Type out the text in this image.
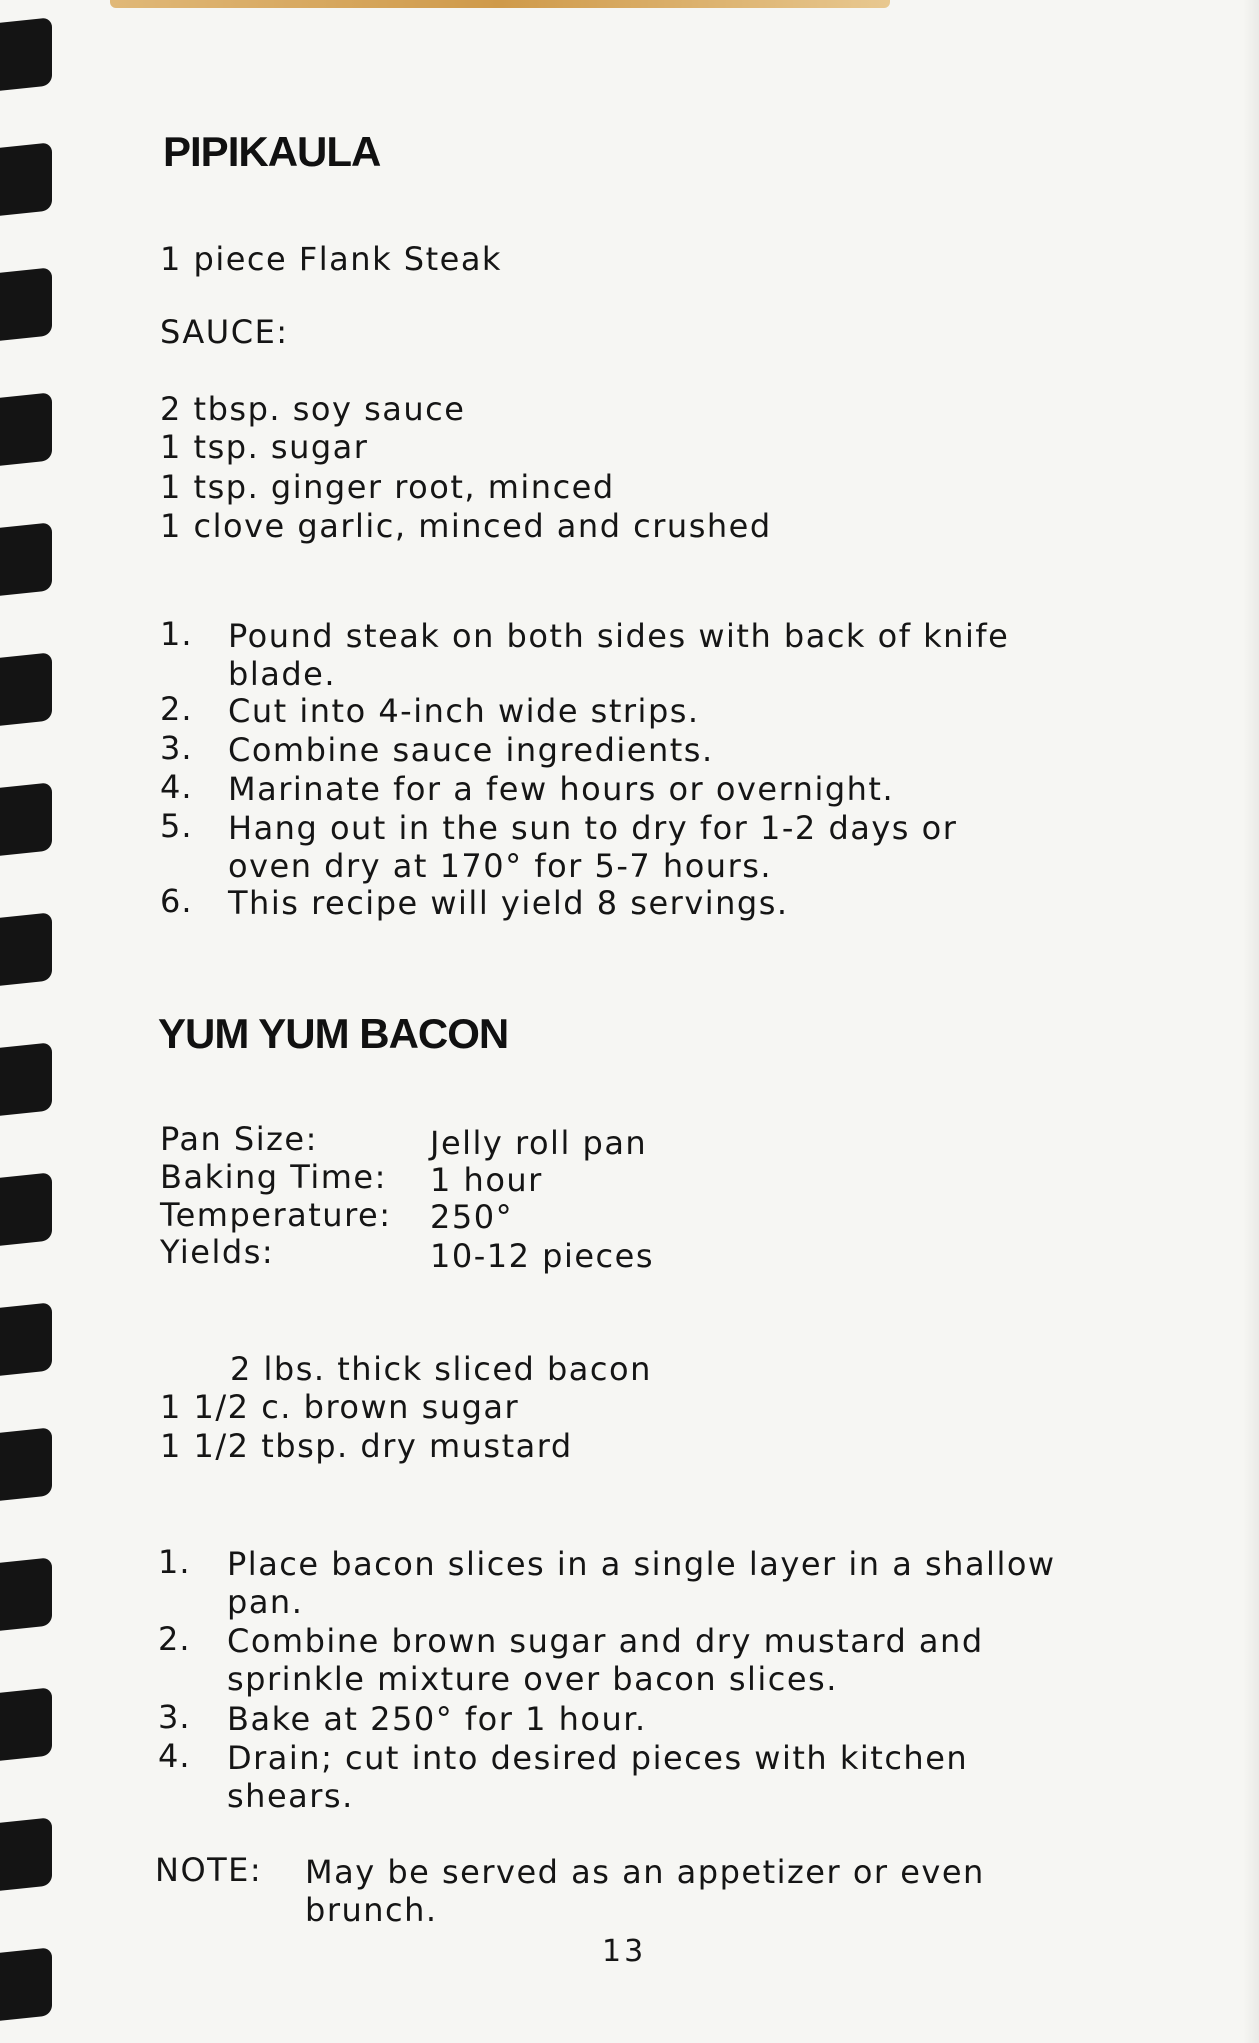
PIPIKAULA
1 piece Flank Steak
SAUCE:
2 tbsp. soy sauce
1 tsp. sugar
1 tsp. ginger root, minced
1 clove garlic, minced and crushed
1. Pound steak on both sides with back of knife blade.
2. Cut into 4-inch wide strips.
3. Combine sauce ingredients.
4. Marinate for a few hours or overnight.
5. Hang out in the sun to dry for 1-2 days or oven dry at 170° for 5-7 hours.
6. This recipe will yield 8 servings.
YUM YUM BACON
Pan Size:	Jelly roll pan
Baking Time: 1 hour
Temperature: 250°
Yields:	10-12 pieces
2 lbs. thick sliced bacon
1 1/2 c. brown sugar
1 1/2 tbsp. dry mustard
1. Place bacon slices in a single layer in a shallow pan.
2. Combine brown sugar and dry mustard and sprinkle mixture over bacon slices.
3. Bake at 250° for 1 hour.
4. Drain; cut into desired pieces with kitchen shears.
NOTE: May be served as an appetizer or even brunch.
13
